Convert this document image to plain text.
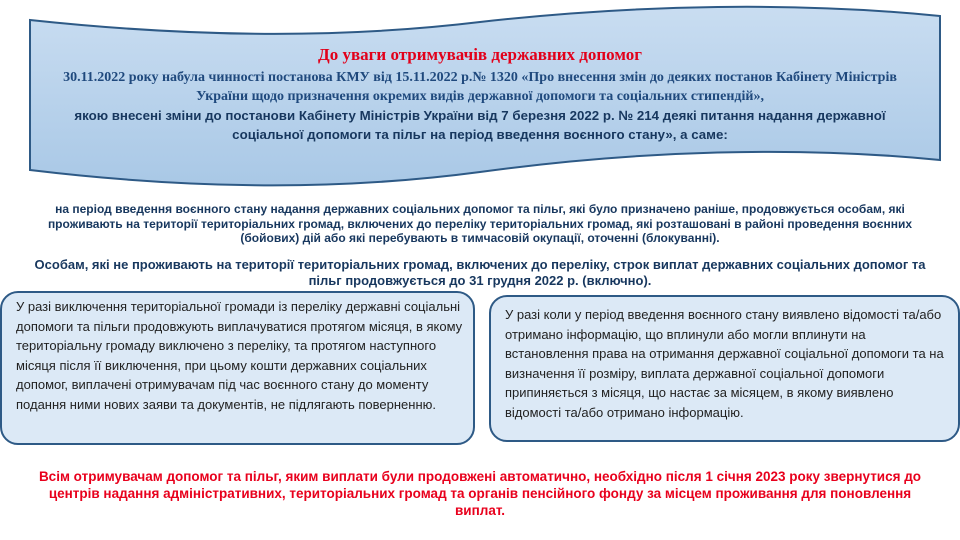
До уваги отримувачів державних допомог
30.11.2022 року набула чинності постанова КМУ від 15.11.2022 р.№ 1320 «Про внесення змін до деяких постанов Кабінету Міністрів України щодо призначення окремих видів державної допомоги та соціальних стипендій»,
якою внесені зміни до постанови Кабінету Міністрів України від 7 березня 2022 р. № 214 деякі питання надання державної соціальної допомоги та пільг на період введення воєнного стану», а саме:
на період введення воєнного стану надання державних соціальних допомог та пільг, які було призначено раніше, продовжується особам, які проживають на території територіальних громад, включених до переліку територіальних громад, які розташовані в районі проведення воєнних (бойових) дій або які перебувають в тимчасовій окупації, оточенні (блокуванні).
Особам, які не проживають на території територіальних громад, включених до переліку, строк виплат державних соціальних допомог та пільг продовжується до 31 грудня 2022 р. (включно).
У разі виключення територіальної громади із переліку державні соціальні допомоги та пільги продовжують виплачуватися протягом місяця, в якому територіальну громаду виключено з переліку, та протягом наступного місяця після її виключення, при цьому кошти державних соціальних допомог, виплачені отримувачам під час воєнного стану до моменту подання ними нових заяви та документів, не підлягають поверненню.
У разі коли у період введення воєнного стану виявлено відомості та/або отримано інформацію, що вплинули або могли вплинути на встановлення права на отримання державної соціальної допомоги та на визначення її розміру, виплата державної соціальної допомоги припиняється з місяця, що настає за місяцем, в якому виявлено відомості та/або отримано інформацію.
Всім отримувачам допомог та пільг, яким виплати були продовжені автоматично, необхідно після 1 січня 2023 року звернутися до центрів надання адміністративних, територіальних громад та органів пенсійного фонду за місцем проживання для поновлення виплат.
